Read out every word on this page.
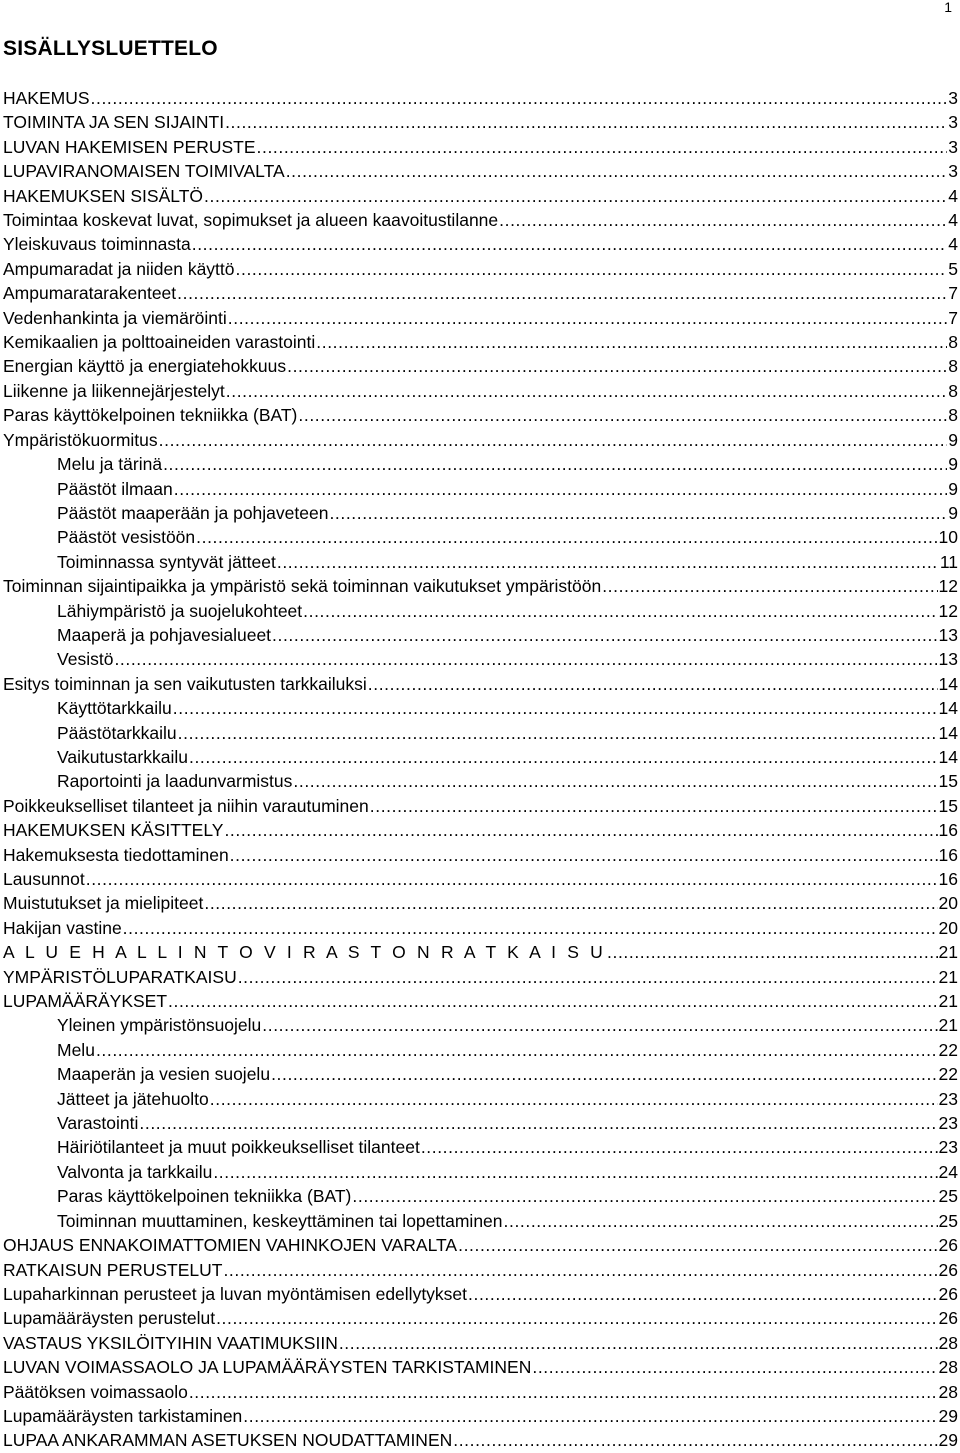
1
SISÄLLYSLUETTELO
HAKEMUS .....	3
TOIMINTA JA SEN SIJAINTI .....	3
LUVAN HAKEMISEN PERUSTE .....	3
LUPAVIRANOMAISEN TOIMIVALTA .....	3
HAKEMUKSEN SISÄLTÖ .....	4
Toimintaa koskevat luvat, sopimukset ja alueen kaavoitustilanne .....	4
Yleiskuvaus toiminnasta .....	4
Ampumaradat ja niiden käyttö .....	5
Ampumaratarakenteet .....	7
Vedenhankinta ja viemäröinti .....	7
Kemikaalien ja polttoaineiden varastointi .....	8
Energian käyttö ja energiatehokkuus .....	8
Liikenne ja liikennejärjestelyt .....	8
Paras käyttökelpoinen tekniikka (BAT) .....	8
Ympäristökuormitus .....	9
Melu ja tärinä .....	9
Päästöt ilmaan .....	9
Päästöt maaperään ja pohjaveteen .....	9
Päästöt vesistöön .....	10
Toiminnassa syntyvät jätteet .....	11
Toiminnan sijaintipaikka ja ympäristö sekä toiminnan vaikutukset ympäristöön .....	12
Lähiympäristö ja suojelukohteet .....	12
Maaperä ja pohjavesialueet .....	13
Vesistö .....	13
Esitys toiminnan ja sen vaikutusten tarkkailuksi .....	14
Käyttötarkkailu .....	14
Päästötarkkailu .....	14
Vaikutustarkkailu .....	14
Raportointi ja laadunvarmistus .....	15
Poikkeukselliset tilanteet ja niihin varautuminen .....	15
HAKEMUKSEN KÄSITTELY .....	16
Hakemuksesta tiedottaminen .....	16
Lausunnot .....	16
Muistutukset ja mielipiteet .....	20
Hakijan vastine .....	20
A L U E H A L L I N T O V I R A S T O N R A T K A I S U .....	21
YMPÄRISTÖLUPARATKAISU .....	21
LUPAMÄÄRÄYKSET .....	21
Yleinen ympäristönsuojelu .....	21
Melu .....	22
Maaperän ja vesien suojelu .....	22
Jätteet ja jätehuolto .....	23
Varastointi .....	23
Häiriötilanteet ja muut poikkeukselliset tilanteet .....	23
Valvonta ja tarkkailu .....	24
Paras käyttökelpoinen tekniikka (BAT) .....	25
Toiminnan muuttaminen, keskeyttäminen tai lopettaminen .....	25
OHJAUS ENNAKOIMATTOMIEN VAHINKOJEN VARALTA .....	26
RATKAISUN PERUSTELUT .....	26
Lupaharkinnan perusteet ja luvan myöntämisen edellytykset .....	26
Lupamääräysten perustelut .....	26
VASTAUS YKSILÖITYIHIN VAATIMUKSIIN .....	28
LUVAN VOIMASSAOLO JA LUPAMÄÄRÄYSTEN TARKISTAMINEN .....	28
Päätöksen voimassaolo .....	28
Lupamääräysten tarkistaminen .....	29
LUPAA ANKARAMMAN ASETUKSEN NOUDATTAMINEN .....	29
